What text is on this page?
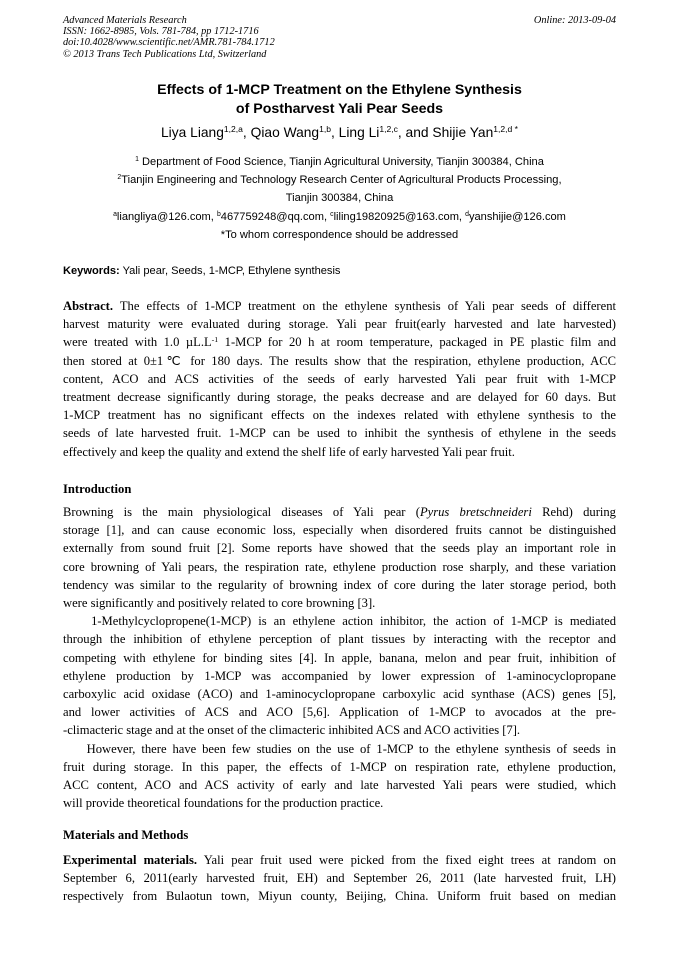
Advanced Materials Research
ISSN: 1662-8985, Vols. 781-784, pp 1712-1716
doi:10.4028/www.scientific.net/AMR.781-784.1712
© 2013 Trans Tech Publications Ltd, Switzerland
Online: 2013-09-04
Effects of 1-MCP Treatment on the Ethylene Synthesis
of Postharvest Yali Pear Seeds
Liya Liang$^{1,2,a}$, Qiao Wang$^{1,b}$, Ling Li$^{1,2,c}$, and Shijie Yan$^{1,2,d *}$
$^1$ Department of Food Science, Tianjin Agricultural University, Tianjin 300384, China
$^2$Tianjin Engineering and Technology Research Center of Agricultural Products Processing,
Tianjin 300384, China
$^a$liangliya@126.com, $^b$467759248@qq.com, $^c$liling19820925@163.com, $^d$yanshijie@126.com
*To whom correspondence should be addressed
Keywords: Yali pear, Seeds, 1-MCP, Ethylene synthesis
Abstract. The effects of 1-MCP treatment on the ethylene synthesis of Yali pear seeds of different
harvest maturity were evaluated during storage. Yali pear fruit(early harvested and late harvested)
were treated with 1.0 $\mu L.L^{-1}$ 1-MCP for 20 h at room temperature, packaged in PE plastic film and
then stored at 0±1℃ for 180 days. The results show that the respiration, ethylene production, ACC
content, ACO and ACS activities of the seeds of early harvested Yali pear fruit with 1-MCP
treatment decrease significantly during storage, the peaks decrease and are delayed for 60 days. But
1-MCP treatment has no significant effects on the indexes related with ethylene synthesis to the
seeds of late harvested fruit. 1-MCP can be used to inhibit the synthesis of ethylene in the seeds
effectively and keep the quality and extend the shelf life of early harvested Yali pear fruit.
Introduction
Browning is the main physiological diseases of Yali pear (Pyrus bretschneideri Rehd) during
storage [1], and can cause economic loss, especially when disordered fruits cannot be distinguished
externally from sound fruit [2]. Some reports have showed that the seeds play an important role in
core browning of Yali pears, the respiration rate, ethylene production rose sharply, and these variation
tendency was similar to the regularity of browning index of core during the later storage period, both
were significantly and positively related to core browning [3].
1-Methylcyclopropene(1-MCP) is an ethylene action inhibitor, the action of 1-MCP is mediated
through the inhibition of ethylene perception of plant tissues by interacting with the receptor and
competing with ethylene for binding sites [4]. In apple, banana, melon and pear fruit, inhibition of
ethylene production by 1-MCP was accompanied by lower expression of 1-aminocyclopropane
carboxylic acid oxidase (ACO) and 1-aminocyclopropane carboxylic acid synthase (ACS) genes [5],
and lower activities of ACS and ACO [5,6]. Application of 1-MCP to avocados at the pre-
-climacteric stage and at the onset of the climacteric inhibited ACS and ACO activities [7].
However, there have been few studies on the use of 1-MCP to the ethylene synthesis of seeds in
fruit during storage. In this paper, the effects of 1-MCP on respiration rate, ethylene production,
ACC content, ACO and ACS activity of early and late harvested Yali pears were studied, which
will provide theoretical foundations for the production practice.
Materials and Methods
Experimental materials. Yali pear fruit used were picked from the fixed eight trees at random on
September 6, 2011(early harvested fruit, EH) and September 26, 2011 (late harvested fruit, LH)
respectively from Bulaotun town, Miyun county, Beijing, China. Uniform fruit based on median
